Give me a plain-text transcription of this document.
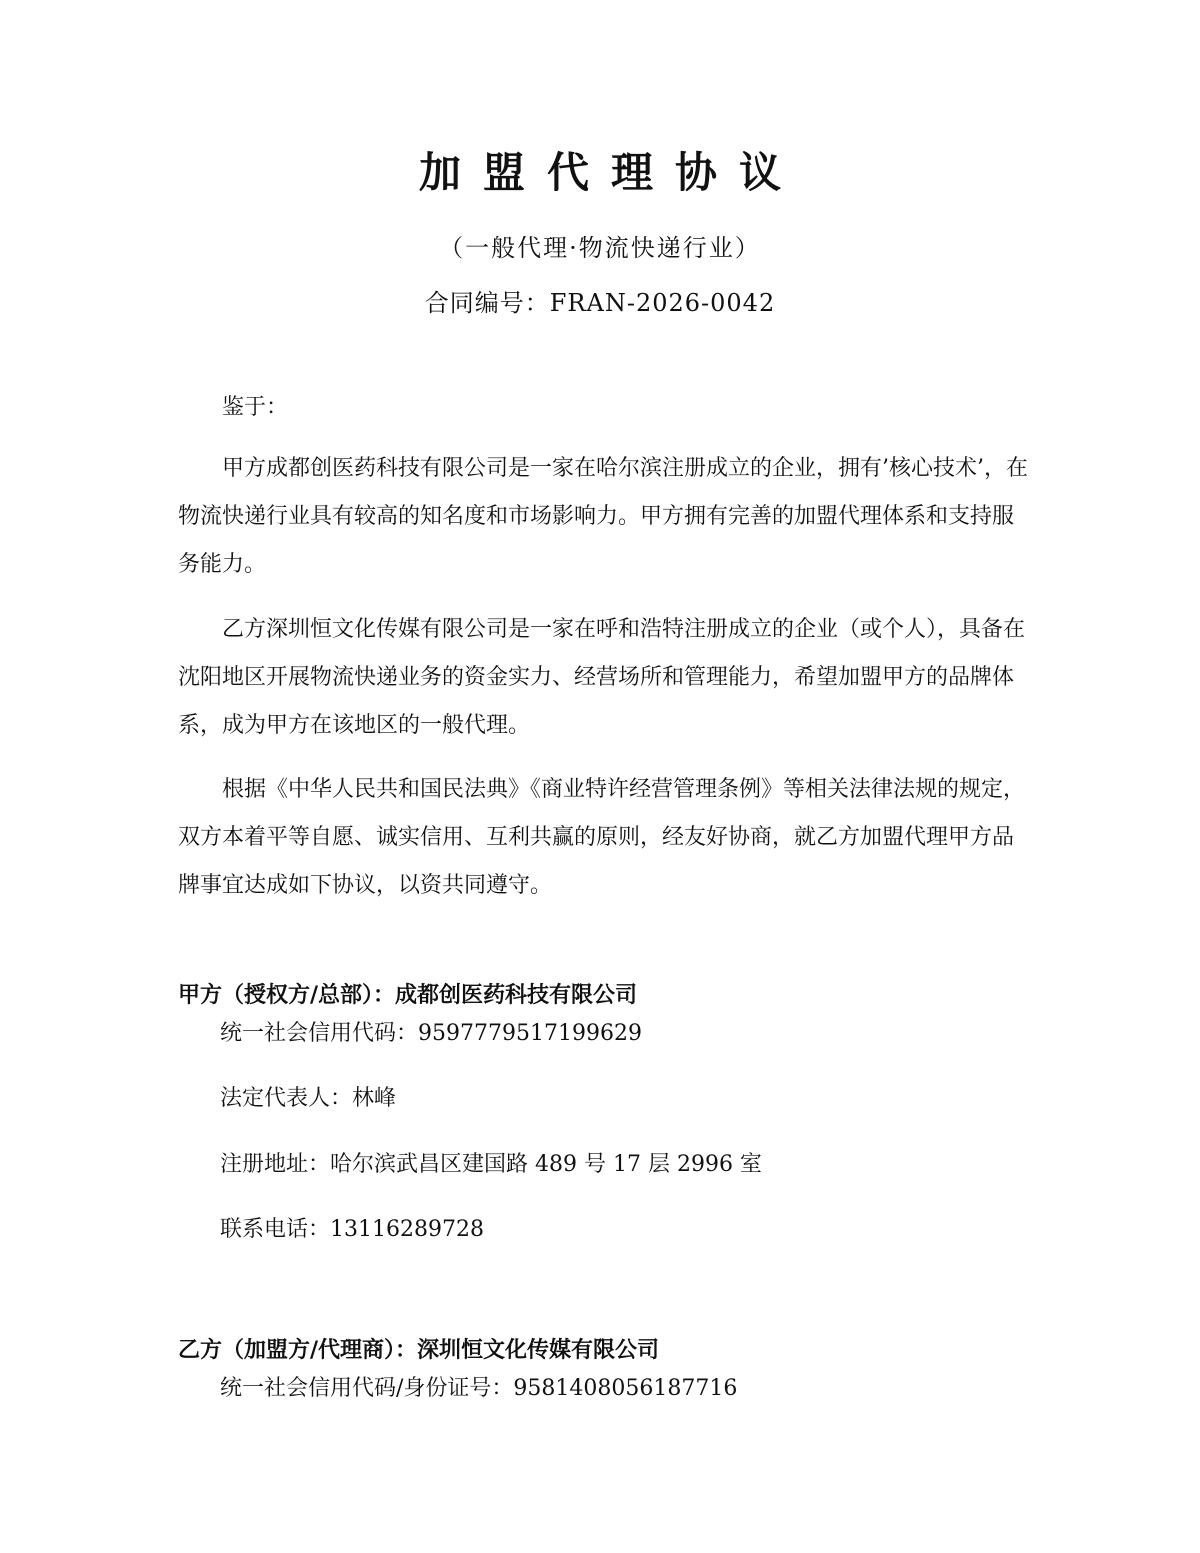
加盟代理协议
（一般代理·物流快递行业）
合同编号：FRAN-2026-0042

鉴于：

甲方成都创医药科技有限公司是一家在哈尔滨注册成立的企业，拥有’核心技术’，在物流快递行业具有较高的知名度和市场影响力。甲方拥有完善的加盟代理体系和支持服务能力。

乙方深圳恒文化传媒有限公司是一家在呼和浩特注册成立的企业（或个人），具备在沈阳地区开展物流快递业务的资金实力、经营场所和管理能力，希望加盟甲方的品牌体系，成为甲方在该地区的一般代理。

根据《中华人民共和国民法典》《商业特许经营管理条例》等相关法律法规的规定，双方本着平等自愿、诚实信用、互利共赢的原则，经友好协商，就乙方加盟代理甲方品牌事宜达成如下协议，以资共同遵守。

甲方（授权方/总部）：成都创医药科技有限公司
统一社会信用代码：9597779517199629
法定代表人：林峰
注册地址：哈尔滨武昌区建国路 489 号 17 层 2996 室
联系电话：13116289728
乙方（加盟方/代理商）：深圳恒文化传媒有限公司
统一社会信用代码/身份证号：9581408056187716
